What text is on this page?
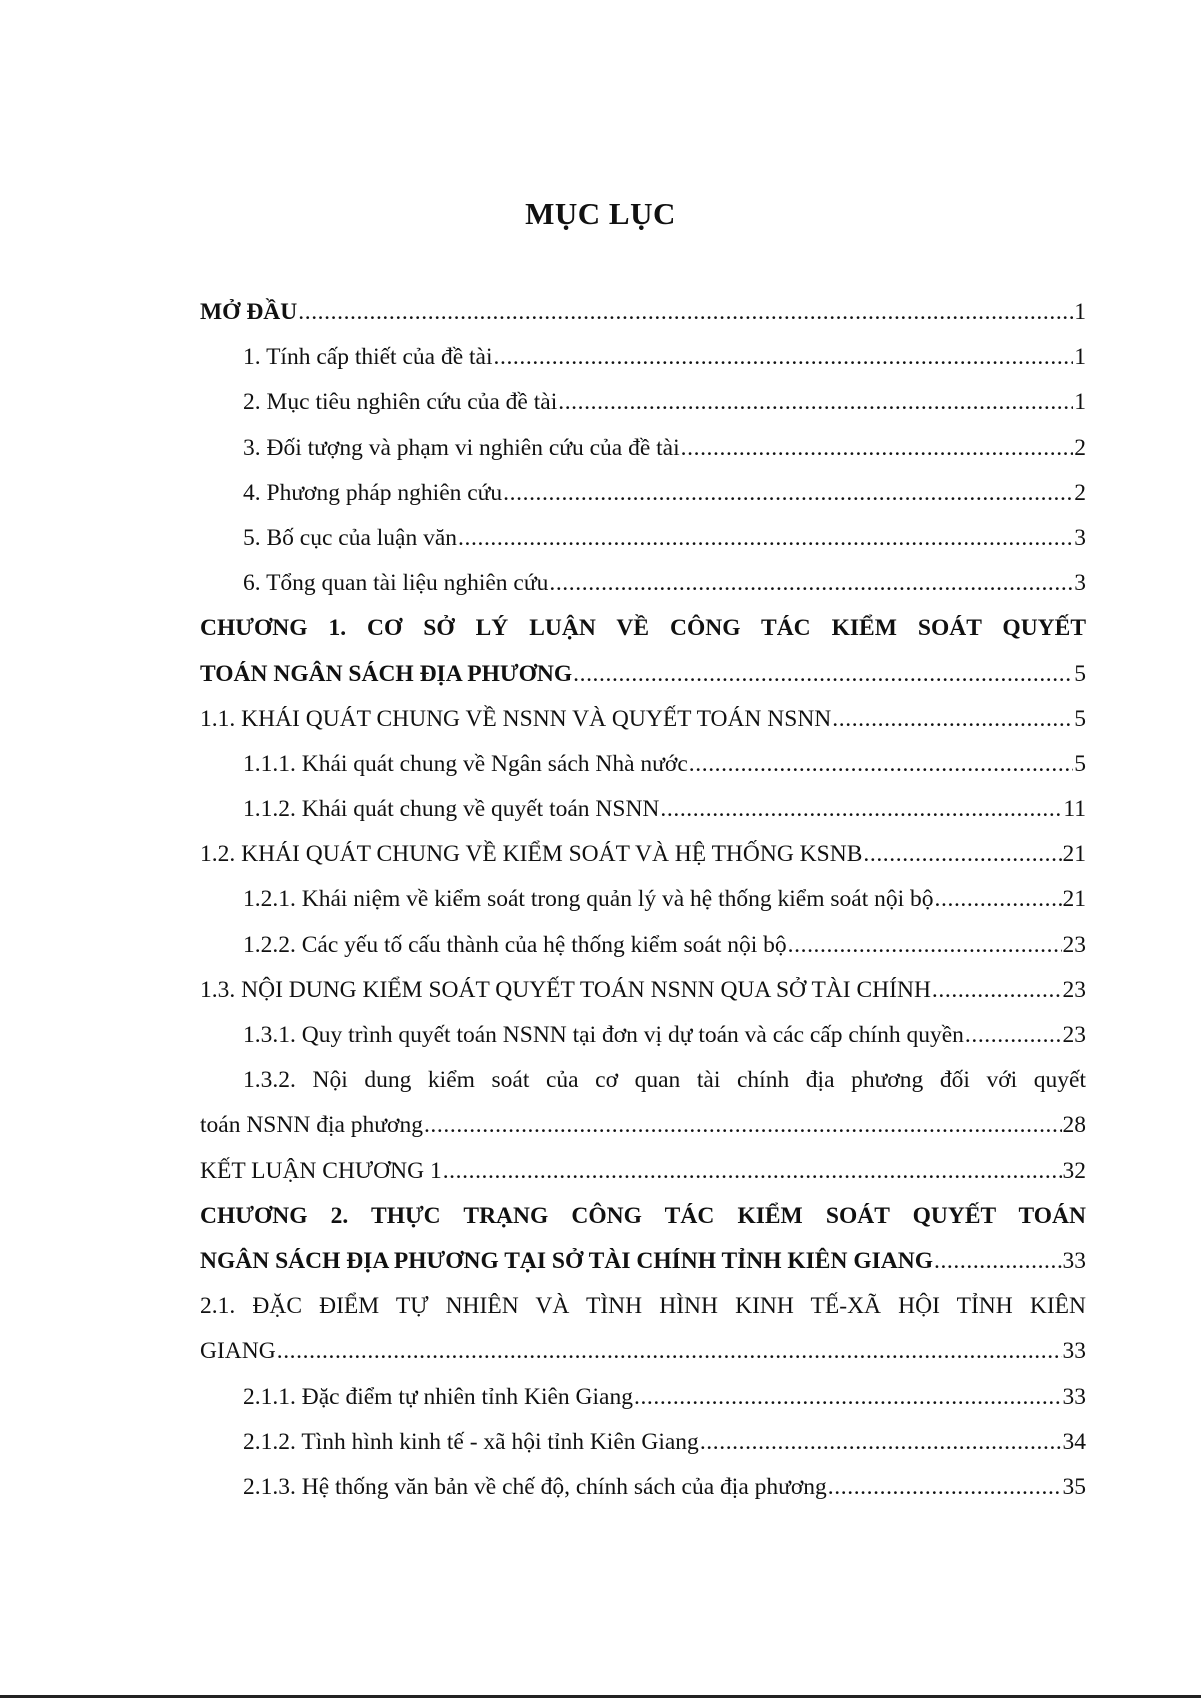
MỤC LỤC
MỞ ĐẦU .....	1
1. Tính cấp thiết của đề tài .....	1
2. Mục tiêu nghiên cứu của đề tài .....	1
3. Đối tượng và phạm vi nghiên cứu của đề tài .....	2
4. Phương pháp nghiên cứu .....	2
5. Bố cục của luận văn .....	3
6. Tổng quan tài liệu nghiên cứu .....	3
CHƯƠNG 1. CƠ SỞ LÝ LUẬN VỀ CÔNG TÁC KIỂM SOÁT QUYẾT
TOÁN NGÂN SÁCH ĐỊA PHƯƠNG .....	5
1.1. KHÁI QUÁT CHUNG VỀ NSNN VÀ QUYẾT TOÁN NSNN .....	5
1.1.1. Khái quát chung về Ngân sách Nhà nước .....	5
1.1.2. Khái quát chung về quyết toán NSNN .....	11
1.2. KHÁI QUÁT CHUNG VỀ KIỂM SOÁT VÀ HỆ THỐNG KSNB .....	21
1.2.1. Khái niệm về kiểm soát trong quản lý và hệ thống kiểm soát nội bộ .....	21
1.2.2. Các yếu tố cấu thành của hệ thống kiểm soát nội bộ .....	23
1.3. NỘI DUNG KIỂM SOÁT QUYẾT TOÁN NSNN QUA SỞ TÀI CHÍNH .....	23
1.3.1. Quy trình quyết toán NSNN tại đơn vị dự toán và các cấp chính quyền .....	23
1.3.2. Nội dung kiểm soát của cơ quan tài chính địa phương đối với quyết
toán NSNN địa phương .....	28
KẾT LUẬN CHƯƠNG 1 .....	32
CHƯƠNG 2. THỰC TRẠNG CÔNG TÁC KIỂM SOÁT QUYẾT TOÁN
NGÂN SÁCH ĐỊA PHƯƠNG TẠI SỞ TÀI CHÍNH TỈNH KIÊN GIANG .....	33
2.1. ĐẶC ĐIỂM TỰ NHIÊN VÀ TÌNH HÌNH KINH TẾ-XÃ HỘI TỈNH KIÊN
GIANG .....	33
2.1.1. Đặc điểm tự nhiên tỉnh Kiên Giang .....	33
2.1.2. Tình hình kinh tế - xã hội tỉnh Kiên Giang .....	34
2.1.3. Hệ thống văn bản về chế độ, chính sách của địa phương .....	35
